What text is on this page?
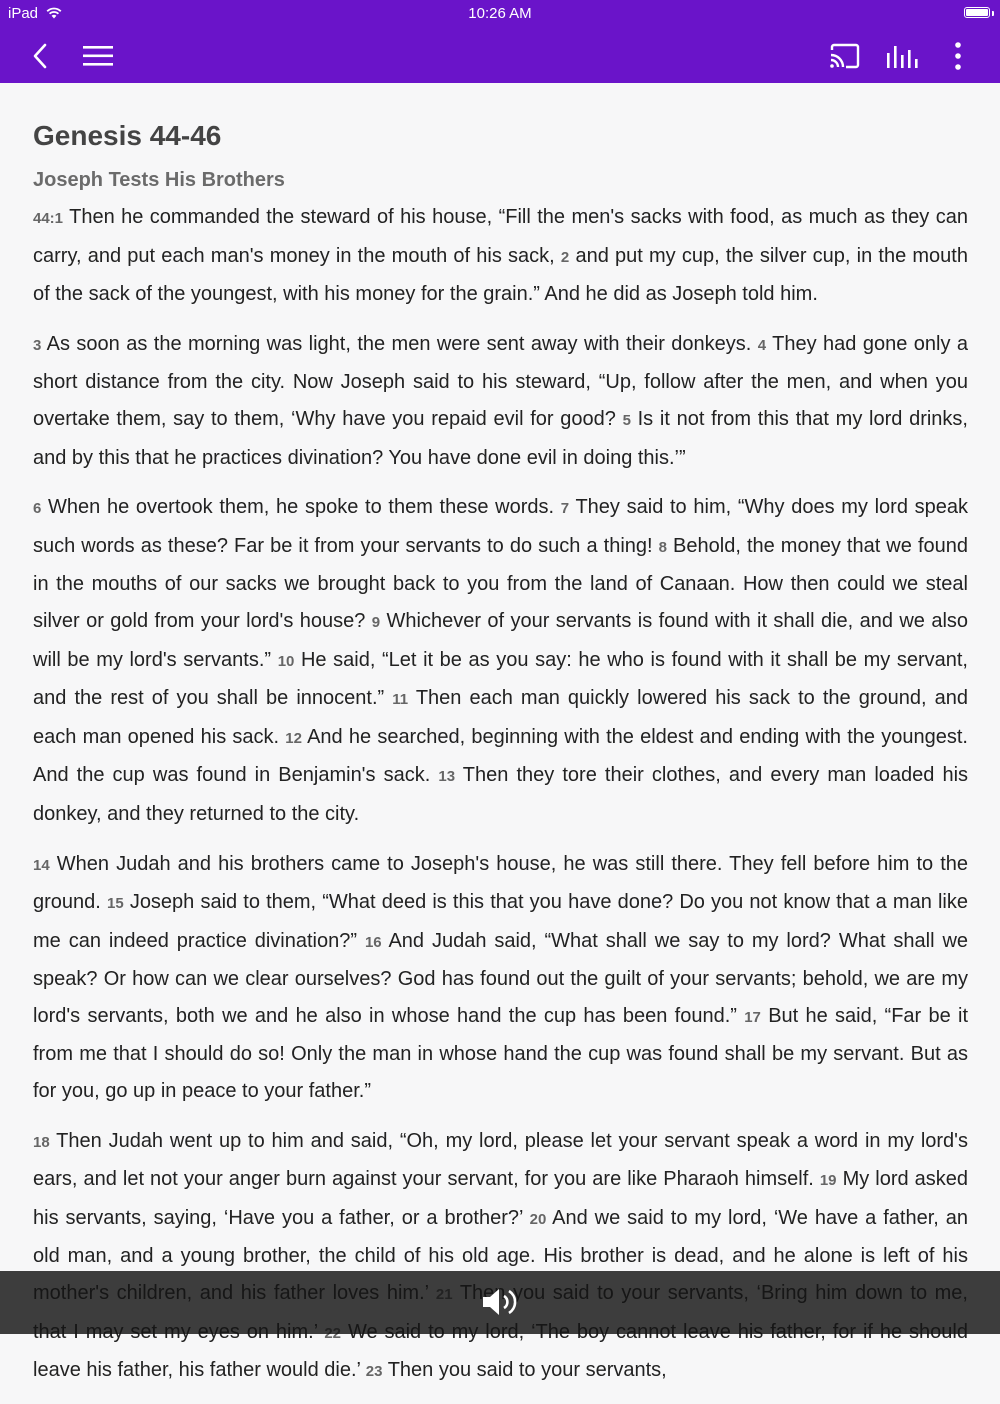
iPad	10:26 AM
Genesis 44-46
Joseph Tests His Brothers

44:1 Then he commanded the steward of his house, “Fill the men's sacks with food, as much as they can carry, and put each man's money in the mouth of his sack, 2 and put my cup, the silver cup, in the mouth of the sack of the youngest, with his money for the grain.” And he did as Joseph told him.

3 As soon as the morning was light, the men were sent away with their donkeys. 4 They had gone only a short distance from the city. Now Joseph said to his steward, “Up, follow after the men, and when you overtake them, say to them, ‘Why have you repaid evil for good? 5 Is it not from this that my lord drinks, and by this that he practices divination? You have done evil in doing this.’”

6 When he overtook them, he spoke to them these words. 7 They said to him, “Why does my lord speak such words as these? Far be it from your servants to do such a thing! 8 Behold, the money that we found in the mouths of our sacks we brought back to you from the land of Canaan. How then could we steal silver or gold from your lord's house? 9 Whichever of your servants is found with it shall die, and we also will be my lord's servants.” 10 He said, “Let it be as you say: he who is found with it shall be my servant, and the rest of you shall be innocent.” 11 Then each man quickly lowered his sack to the ground, and each man opened his sack. 12 And he searched, beginning with the eldest and ending with the youngest. And the cup was found in Benjamin's sack. 13 Then they tore their clothes, and every man loaded his donkey, and they returned to the city.

14 When Judah and his brothers came to Joseph's house, he was still there. They fell before him to the ground. 15 Joseph said to them, “What deed is this that you have done? Do you not know that a man like me can indeed practice divination?” 16 And Judah said, “What shall we say to my lord? What shall we speak? Or how can we clear ourselves? God has found out the guilt of your servants; behold, we are my lord's servants, both we and he also in whose hand the cup has been found.” 17 But he said, “Far be it from me that I should do so! Only the man in whose hand the cup was found shall be my servant. But as for you, go up in peace to your father.”

18 Then Judah went up to him and said, “Oh, my lord, please let your servant speak a word in my lord's ears, and let not your anger burn against your servant, for you are like Pharaoh himself. 19 My lord asked his servants, saying, ‘Have you a father, or a brother?’ 20 And we said to my lord, ‘We have a father, an old man, and a young brother, the child of his old age. His brother is dead, and he alone is left of his leave his father, his father would die.’ 23 Then you said to your servants,
